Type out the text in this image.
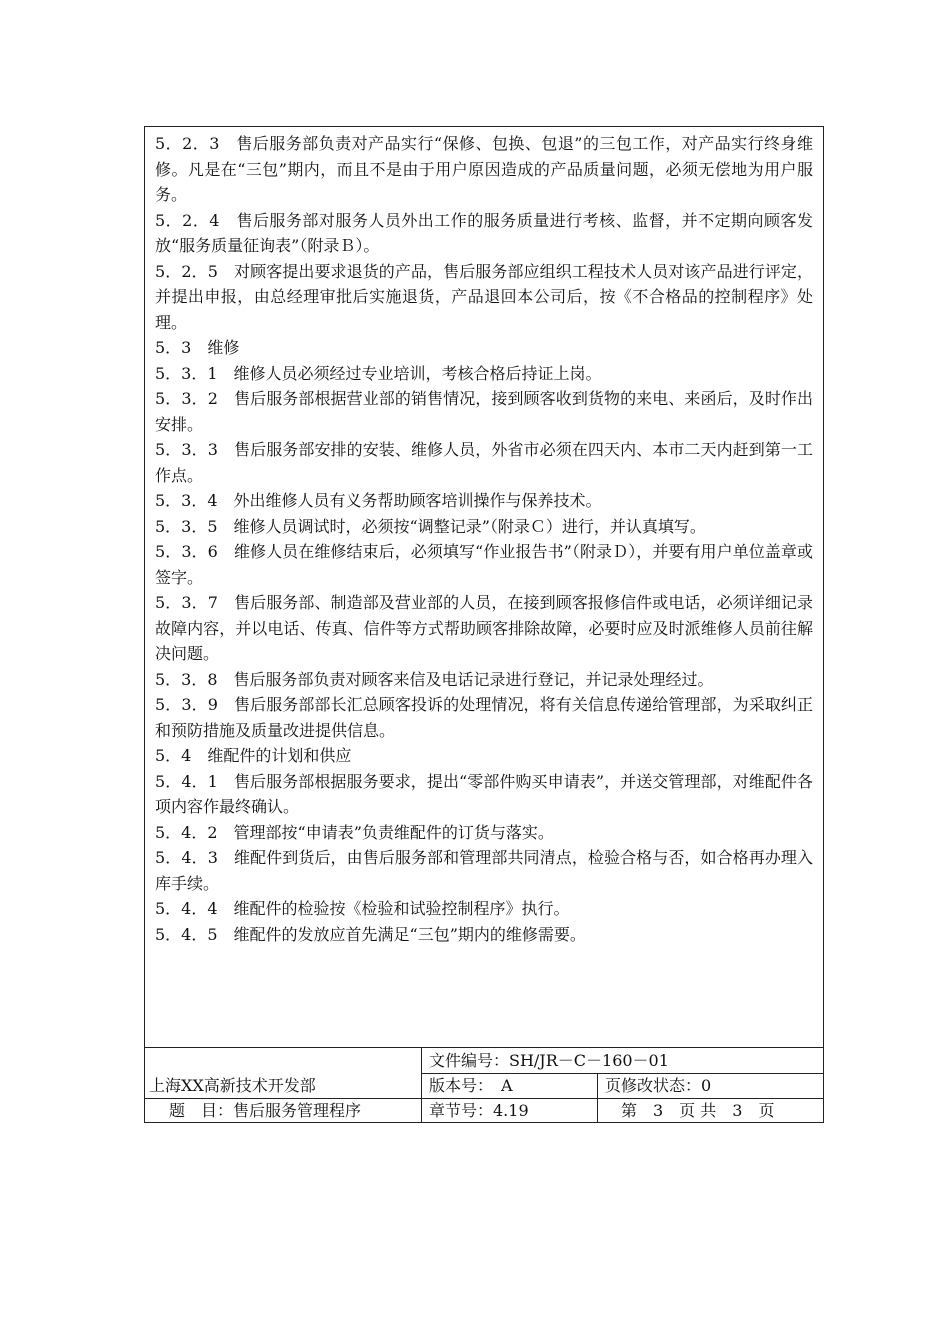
5．2．3　售后服务部负责对产品实行“保修、包换、包退”的三包工作，对产品实行终身维修。凡是在“三包”期内，而且不是由于用户原因造成的产品质量问题，必须无偿地为用户服务。

5．2．4　售后服务部对服务人员外出工作的服务质量进行考核、监督，并不定期向顾客发放“服务质量征询表”（附录Ｂ）。

5．2．5　对顾客提出要求退货的产品，售后服务部应组织工程技术人员对该产品进行评定，并提出申报，由总经理审批后实施退货，产品退回本公司后，按《不合格品的控制程序》处理。

5．3　维修

5．3．1　维修人员必须经过专业培训，考核合格后持证上岗。

5．3．2　售后服务部根据营业部的销售情况，接到顾客收到货物的来电、来函后，及时作出安排。

5．3．3　售后服务部安排的安装、维修人员，外省市必须在四天内、本市二天内赶到第一工作点。

5．3．4　外出维修人员有义务帮助顾客培训操作与保养技术。

5．3．5　维修人员调试时，必须按“调整记录”（附录Ｃ）进行，并认真填写。

5．3．6　维修人员在维修结束后，必须填写“作业报告书”（附录Ｄ），并要有用户单位盖章或签字。

5．3．7　售后服务部、制造部及营业部的人员，在接到顾客报修信件或电话，必须详细记录故障内容，并以电话、传真、信件等方式帮助顾客排除故障，必要时应及时派维修人员前往解决问题。

5．3．8　售后服务部负责对顾客来信及电话记录进行登记，并记录处理经过。

5．3．9　售后服务部部长汇总顾客投诉的处理情况，将有关信息传递给管理部，为采取纠正和预防措施及质量改进提供信息。

5．4　维配件的计划和供应

5．4．1　售后服务部根据服务要求，提出“零部件购买申请表”，并送交管理部，对维配件各项内容作最终确认。

5．4．2　管理部按“申请表”负责维配件的订货与落实。

5．4．3　维配件到货后，由售后服务部和管理部共同清点，检验合格与否，如合格再办理入库手续。

5．4．4　维配件的检验按《检验和试验控制程序》执行。

5．4．5　维配件的发放应首先满足“三包”期内的维修需要。

上海XX高新技术开发部
题　目：售后服务管理程序
文件编号：SH/JR－C－160－01
版本号：　A	页修改状态：0
章节号：4.19	第　3　页 共　3　页
